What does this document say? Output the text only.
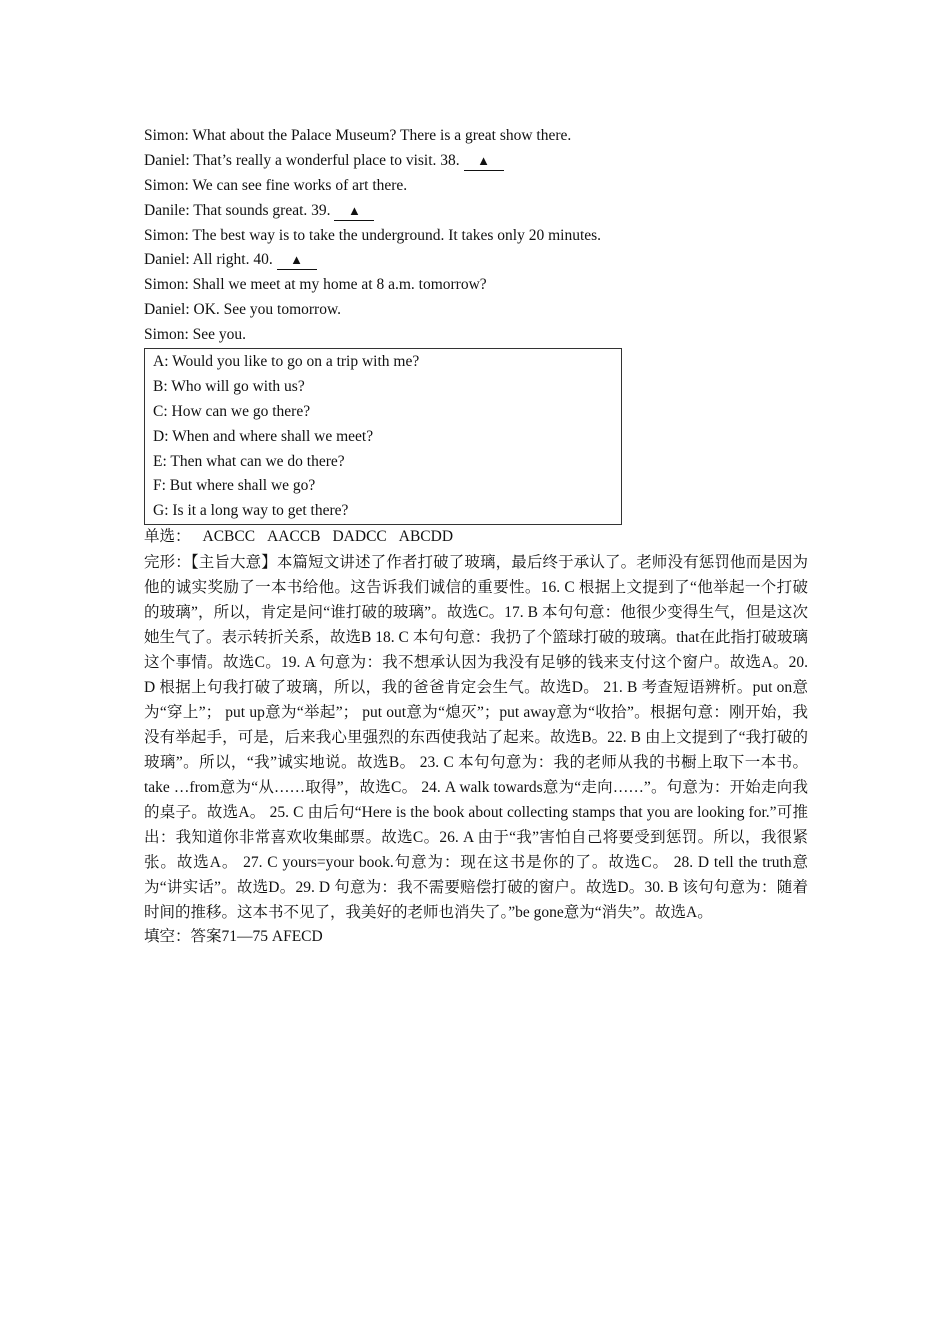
Simon: What about the Palace Museum? There is a great show there.
Daniel: That’s really a wonderful place to visit. 38. ▲
Simon: We can see fine works of art there.
Danile: That sounds great. 39. ▲
Simon: The best way is to take the underground. It takes only 20 minutes.
Daniel: All right. 40. ▲
Simon: Shall we meet at my home at 8 a.m. tomorrow?
Daniel: OK. See you tomorrow.
Simon: See you.
A: Would you like to go on a trip with me?
B: Who will go with us?
C: How can we go there?
D: When and where shall we meet?
E: Then what can we do there?
F: But where shall we go?
G: Is it a long way to get there?
单选： ACBCC AACCB DADCC ABCDD

完形：【主旨大意】本篇短文讲述了作者打破了玻璃，最后终于承认了。老师没有惩罚他而是因为他的诚实奖励了一本书给他。这告诉我们诚信的重要性。16. C 根据上文提到了“他举起一个打破的玻璃”，所以，肯定是问“谁打破的玻璃”。故选C。17. B 本句句意：他很少变得生气，但是这次她生气了。表示转折关系，故选B 18. C 本句句意：我扔了个篮球打破的玻璃。that在此指打破玻璃这个事情。故选C。19. A 句意为：我不想承认因为我没有足够的钱来支付这个窗户。故选A。20. D 根据上句我打破了玻璃，所以，我的爸爸肯定会生气。故选D。 21. B 考查短语辨析。put on意为“穿上”； put up意为“举起”； put out意为“熄灭”；put away意为“收拾”。根据句意：刚开始，我没有举起手，可是，后来我心里强烈的东西使我站了起来。故选B。22. B 由上文提到了“我打破的玻璃”。所以，“我”诚实地说。故选B。 23. C 本句句意为：我的老师从我的书橱上取下一本书。take …from意为“从……取得”，故选C。 24. A walk towards意为“走向……”。句意为：开始走向我的桌子。故选A。 25. C 由后句“Here is the book about collecting stamps that you are looking for.”可推出：我知道你非常喜欢收集邮票。故选C。26. A 由于“我”害怕自己将要受到惩罚。所以，我很紧张。故选A。 27. C yours=your book.句意为：现在这书是你的了。故选C。 28. D tell the truth意为“讲实话”。故选D。29. D 句意为：我不需要赔偿打破的窗户。故选D。30. B 该句句意为：随着时间的推移。这本书不见了，我美好的老师也消失了。”be gone意为“消失”。故选A。

填空：答案71—75 AFECD
